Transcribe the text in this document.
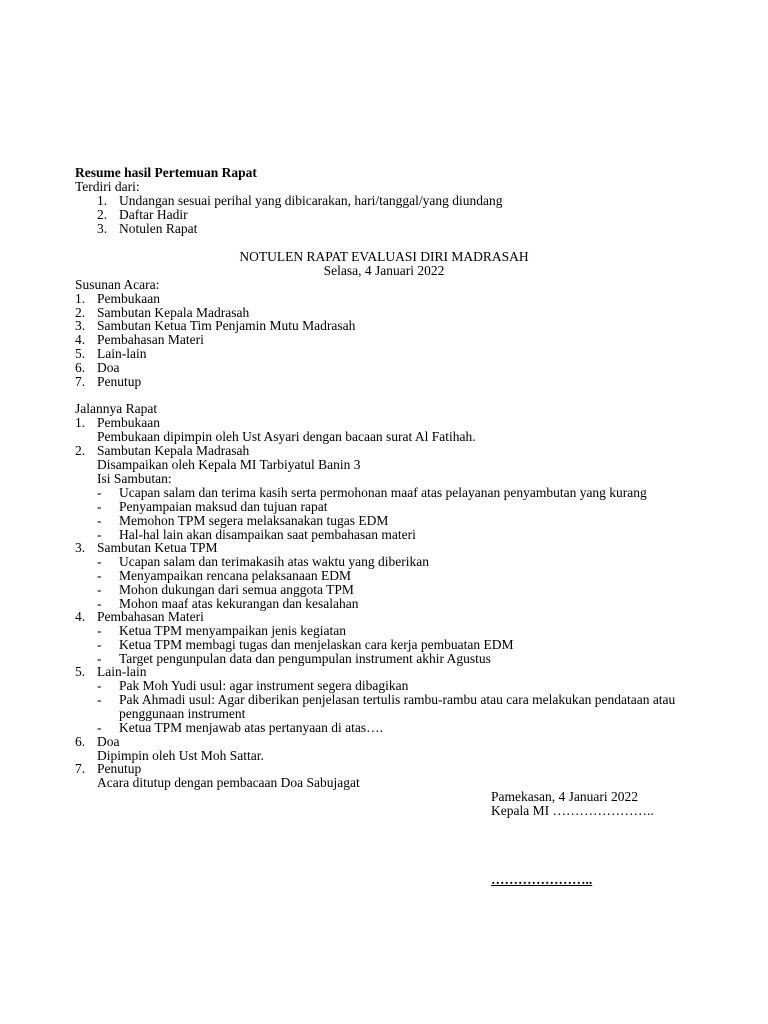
Resume hasil Pertemuan Rapat
Terdiri dari:
1. Undangan sesuai perihal yang dibicarakan, hari/tanggal/yang diundang
2. Daftar Hadir
3. Notulen Rapat
NOTULEN RAPAT EVALUASI DIRI MADRASAH
Selasa, 4 Januari 2022
Susunan Acara:
1. Pembukaan
2. Sambutan Kepala Madrasah
3. Sambutan Ketua Tim Penjamin Mutu Madrasah
4. Pembahasan Materi
5. Lain-lain
6. Doa
7. Penutup
Jalannya Rapat
1. Pembukaan
Pembukaan dipimpin oleh Ust Asyari dengan bacaan surat Al Fatihah.
2. Sambutan Kepala Madrasah
Disampaikan oleh Kepala MI Tarbiyatul Banin 3
Isi Sambutan:
- Ucapan salam dan terima kasih serta permohonan maaf atas pelayanan penyambutan yang kurang
- Penyampaian maksud dan tujuan rapat
- Memohon TPM segera melaksanakan tugas EDM
- Hal-hal lain akan disampaikan saat pembahasan materi
3. Sambutan Ketua TPM
- Ucapan salam dan terimakasih atas waktu yang diberikan
- Menyampaikan rencana pelaksanaan EDM
- Mohon dukungan dari semua anggota TPM
- Mohon maaf atas kekurangan dan kesalahan
4. Pembahasan Materi
- Ketua TPM menyampaikan jenis kegiatan
- Ketua TPM membagi tugas dan menjelaskan cara kerja pembuatan EDM
- Target pengunpulan data dan pengumpulan instrument akhir Agustus
5. Lain-lain
- Pak Moh Yudi usul: agar instrument segera dibagikan
- Pak Ahmadi usul: Agar diberikan penjelasan tertulis rambu-rambu atau cara melakukan pendataan atau
penggunaan instrument
- Ketua TPM menjawab atas pertanyaan di atas….
6. Doa
Dipimpin oleh Ust Moh Sattar.
7. Penutup
Acara ditutup dengan pembacaan Doa Sabujagat
Pamekasan, 4 Januari 2022
Kepala MI …………………..
…………………..
